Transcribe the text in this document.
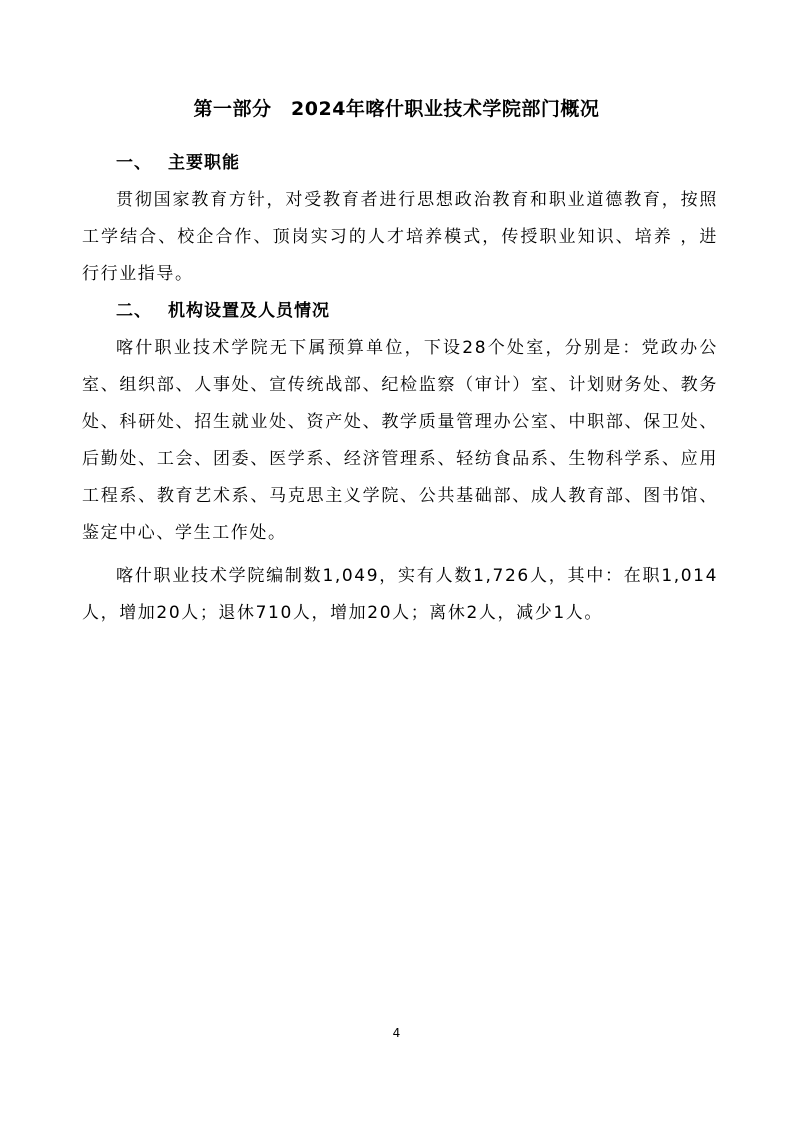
第一部分　2024年喀什职业技术学院部门概况

一、 主要职能

贯彻国家教育方针，对受教育者进行思想政治教育和职业道德教育，按照工学结合、校企合作、顶岗实习的人才培养模式，传授职业知识、培养 ，进行行业指导。

二、 机构设置及人员情况

喀什职业技术学院无下属预算单位，下设28个处室，分别是：党政办公室、组织部、人事处、宣传统战部、纪检监察（审计）室、计划财务处、教务处、科研处、招生就业处、资产处、教学质量管理办公室、中职部、保卫处、后勤处、工会、团委、医学系、经济管理系、轻纺食品系、生物科学系、应用工程系、教育艺术系、马克思主义学院、公共基础部、成人教育部、图书馆、 鉴定中心、学生工作处。

喀什职业技术学院编制数1,049，实有人数1,726人，其中：在职1,014人，增加20人；退休710人，增加20人；离休2人，减少1人。

4
